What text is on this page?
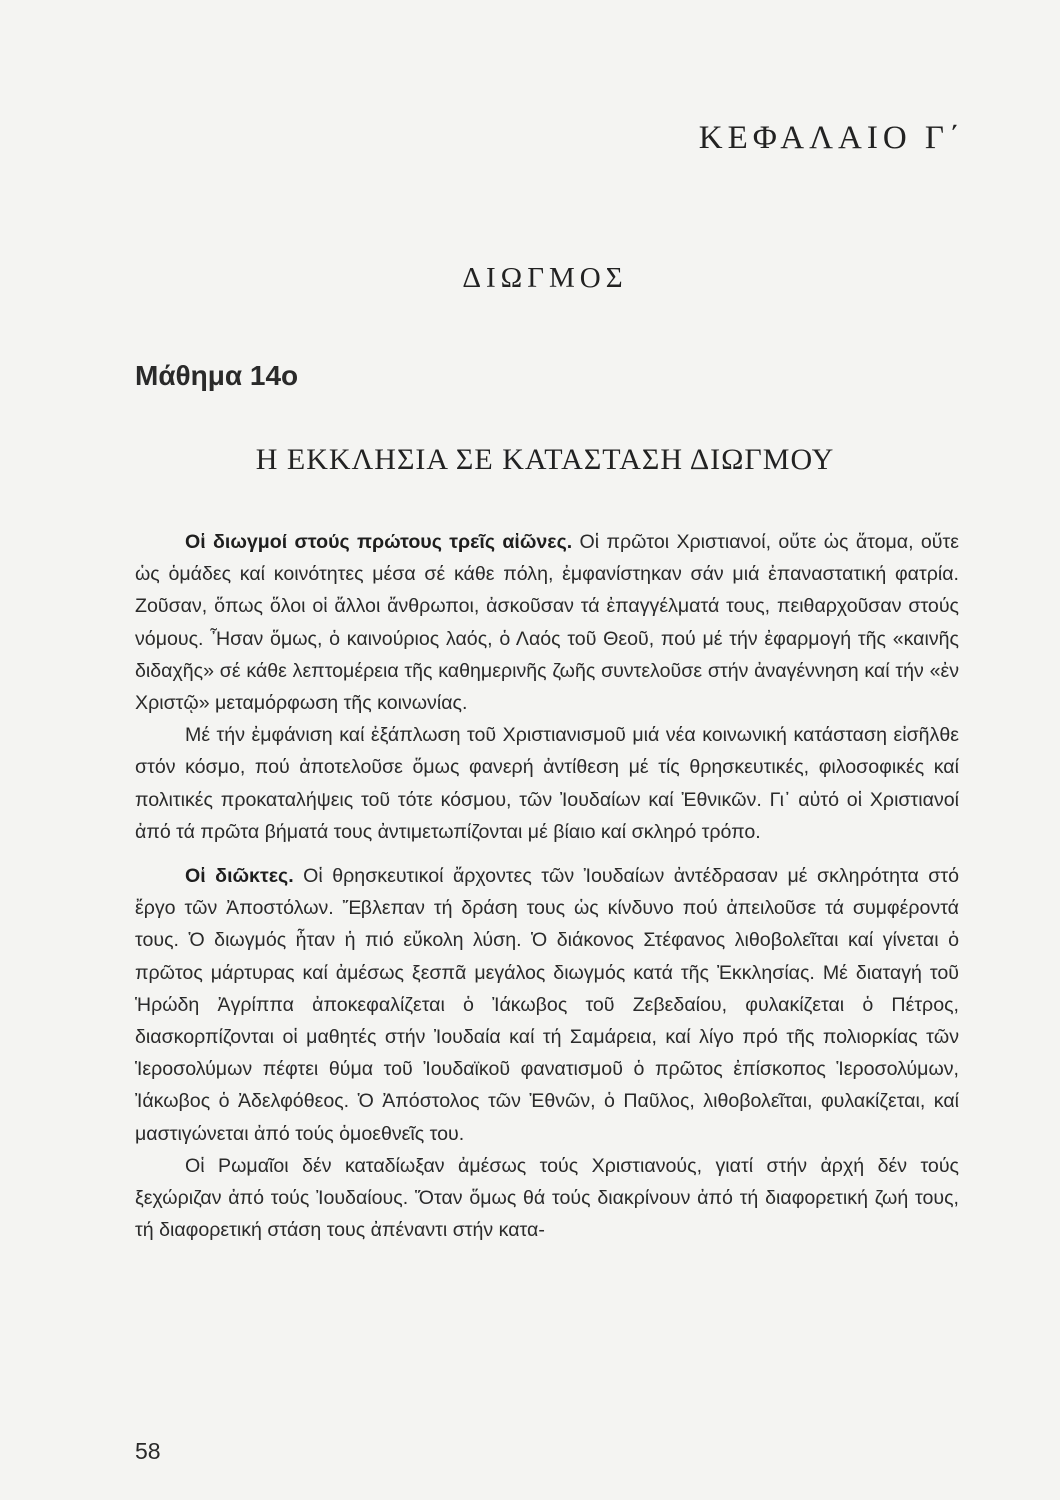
ΚΕΦΑΛΑΙΟ Γ΄
ΔΙΩΓΜΟΣ
Μάθημα 14ο
Η ΕΚΚΛΗΣΙΑ ΣΕ ΚΑΤΑΣΤΑΣΗ ΔΙΩΓΜΟΥ

Οἱ διωγμοί στούς πρώτους τρεῖς αἰῶνες. Οἱ πρῶτοι Χριστιανοί, οὔτε ὡς ἄτομα, οὔτε ὡς ὁμάδες καί κοινότητες μέσα σέ κάθε πόλη, ἐμφανίστηκαν σάν μιά ἐπαναστατική φατρία. Ζοῦσαν, ὅπως ὅλοι οἱ ἄλλοι ἄνθρωποι, ἀσκοῦσαν τά ἐπαγγέλματά τους, πειθαρχοῦσαν στούς νόμους. Ἦσαν ὅμως, ὁ καινούριος λαός, ὁ Λαός τοῦ Θεοῦ, πού μέ τήν ἐφαρμογή τῆς «καινῆς διδαχῆς» σέ κάθε λεπτομέρεια τῆς καθημερινῆς ζωῆς συντελοῦσε στήν ἀναγέννηση καί τήν «ἐν Χριστῷ» μεταμόρφωση τῆς κοινωνίας.

Μέ τήν ἐμφάνιση καί ἐξάπλωση τοῦ Χριστιανισμοῦ μιά νέα κοινωνική κατάσταση εἰσῆλθε στόν κόσμο, πού ἀποτελοῦσε ὅμως φανερή ἀντίθεση μέ τίς θρησκευτικές, φιλοσοφικές καί πολιτικές προκαταλήψεις τοῦ τότε κόσμου, τῶν Ἰουδαίων καί Ἐθνικῶν. Γι᾿ αὐτό οἱ Χριστιανοί ἀπό τά πρῶτα βήματά τους ἀντιμετωπίζονται μέ βίαιο καί σκληρό τρόπο.

Οἱ διῶκτες. Οἱ θρησκευτικοί ἄρχοντες τῶν Ἰουδαίων ἀντέδρασαν μέ σκληρότητα στό ἔργο τῶν Ἀποστόλων. Ἔβλεπαν τή δράση τους ὡς κίνδυνο πού ἀπειλοῦσε τά συμφέροντά τους. Ὁ διωγμός ἦταν ἡ πιό εὔκολη λύση. Ὁ διάκονος Στέφανος λιθοβολεῖται καί γίνεται ὁ πρῶτος μάρτυρας καί ἀμέσως ξεσπᾶ μεγάλος διωγμός κατά τῆς Ἐκκλησίας. Μέ διαταγή τοῦ Ἡρώδη Ἀγρίππα ἀποκεφαλίζεται ὁ Ἰάκωβος τοῦ Ζεβεδαίου, φυλακίζεται ὁ Πέτρος, διασκορπίζονται οἱ μαθητές στήν Ἰουδαία καί τή Σαμάρεια, καί λίγο πρό τῆς πολιορκίας τῶν Ἱεροσολύμων πέφτει θύμα τοῦ Ἰουδαϊκοῦ φανατισμοῦ ὁ πρῶτος ἐπίσκοπος Ἱεροσολύμων, Ἰάκωβος ὁ Ἀδελφόθεος. Ὁ Ἀπόστολος τῶν Ἐθνῶν, ὁ Παῦλος, λιθοβολεῖται, φυλακίζεται, καί μαστιγώνεται ἀπό τούς ὁμοεθνεῖς του.

Οἱ Ρωμαῖοι δέν καταδίωξαν ἀμέσως τούς Χριστιανούς, γιατί στήν ἀρχή δέν τούς ξεχώριζαν ἀπό τούς Ἰουδαίους. Ὅταν ὅμως θά τούς διακρίνουν ἀπό τή διαφορετική ζωή τους, τή διαφορετική στάση τους ἀπέναντι στήν κατα-

58
